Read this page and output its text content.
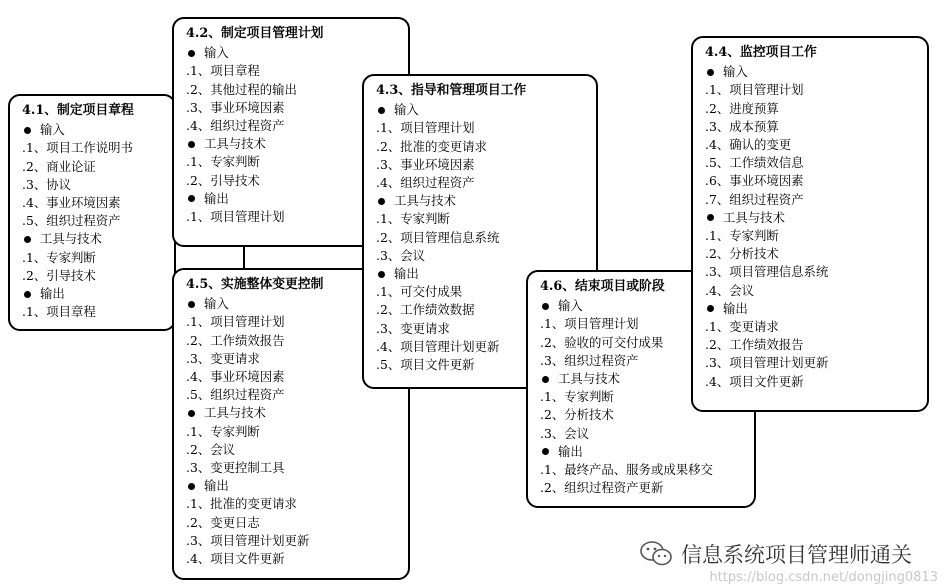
4.1、制定项目章程
输入
.1、项目工作说明书
.2、商业论证
.3、协议
.4、事业环境因素
.5、组织过程资产
工具与技术
.1、专家判断
.2、引导技术
输出
.1、项目章程
4.2、制定项目管理计划
输入
.1、项目章程
.2、其他过程的输出
.3、事业环境因素
.4、组织过程资产
工具与技术
.1、专家判断
.2、引导技术
输出
.1、项目管理计划
4.5、实施整体变更控制
输入
.1、项目管理计划
.2、工作绩效报告
.3、变更请求
.4、事业环境因素
.5、组织过程资产
工具与技术
.1、专家判断
.2、会议
.3、变更控制工具
输出
.1、批准的变更请求
.2、变更日志
.3、项目管理计划更新
.4、项目文件更新
4.3、指导和管理项目工作
输入
.1、项目管理计划
.2、批准的变更请求
.3、事业环境因素
.4、组织过程资产
工具与技术
.1、专家判断
.2、项目管理信息系统
.3、会议
输出
.1、可交付成果
.2、工作绩效数据
.3、变更请求
.4、项目管理计划更新
.5、项目文件更新
4.6、结束项目或阶段
输入
.1、项目管理计划
.2、验收的可交付成果
.3、组织过程资产
工具与技术
.1、专家判断
.2、分析技术
.3、会议
输出
.1、最终产品、服务或成果移交
.2、组织过程资产更新
4.4、监控项目工作
输入
.1、项目管理计划
.2、进度预算
.3、成本预算
.4、确认的变更
.5、工作绩效信息
.6、事业环境因素
.7、组织过程资产
工具与技术
.1、专家判断
.2、分析技术
.3、项目管理信息系统
.4、会议
输出
.1、变更请求
.2、工作绩效报告
.3、项目管理计划更新
.4、项目文件更新
信息系统项目管理师通关
https://blog.csdn.net/dongjing0813
